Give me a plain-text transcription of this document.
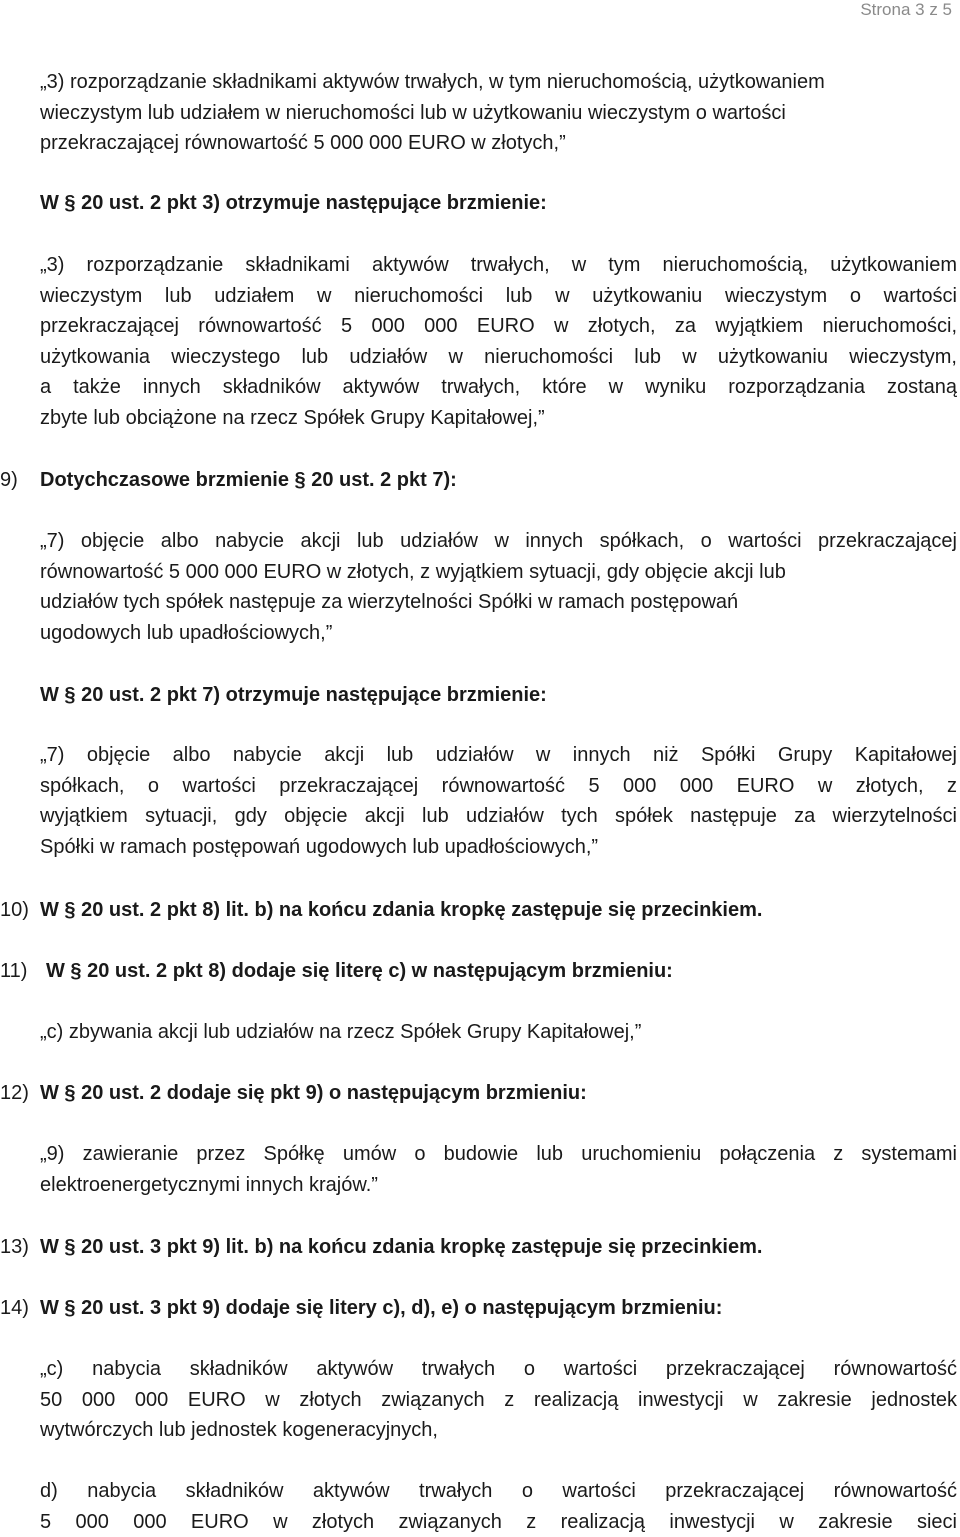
Strona 3 z 5
„3) rozporządzanie składnikami aktywów trwałych, w tym nieruchomością, użytkowaniem
wieczystym lub udziałem w nieruchomości lub w użytkowaniu wieczystym o wartości
przekraczającej równowartość 5 000 000 EURO w złotych,”
W § 20 ust. 2 pkt 3) otrzymuje następujące brzmienie:
„3) rozporządzanie składnikami aktywów trwałych, w tym nieruchomością, użytkowaniem
wieczystym lub udziałem w nieruchomości lub w użytkowaniu wieczystym o wartości
przekraczającej równowartość 5 000 000 EURO w złotych, za wyjątkiem nieruchomości,
użytkowania wieczystego lub udziałów w nieruchomości lub w użytkowaniu wieczystym,
a także innych składników aktywów trwałych, które w wyniku rozporządzania zostaną
zbyte lub obciążone na rzecz Spółek Grupy Kapitałowej,”
9) Dotychczasowe brzmienie § 20 ust. 2 pkt 7):
„7) objęcie albo nabycie akcji lub udziałów w innych spółkach, o wartości przekraczającej
równowartość 5 000 000 EURO w złotych, z wyjątkiem sytuacji, gdy objęcie akcji lub
udziałów tych spółek następuje za wierzytelności Spółki w ramach postępowań
ugodowych lub upadłościowych,”
W § 20 ust. 2 pkt 7) otrzymuje następujące brzmienie:
„7) objęcie albo nabycie akcji lub udziałów w innych niż Spółki Grupy Kapitałowej
spółkach, o wartości przekraczającej równowartość 5 000 000 EURO w złotych, z
wyjątkiem sytuacji, gdy objęcie akcji lub udziałów tych spółek następuje za wierzytelności
Spółki w ramach postępowań ugodowych lub upadłościowych,”
10) W § 20 ust. 2 pkt 8) lit. b) na końcu zdania kropkę zastępuje się przecinkiem.
11) W § 20 ust. 2 pkt 8) dodaje się literę c) w następującym brzmieniu:
„c) zbywania akcji lub udziałów na rzecz Spółek Grupy Kapitałowej,”
12) W § 20 ust. 2 dodaje się pkt 9) o następującym brzmieniu:
„9) zawieranie przez Spółkę umów o budowie lub uruchomieniu połączenia z systemami
elektroenergetycznymi innych krajów.”
13) W § 20 ust. 3 pkt 9) lit. b) na końcu zdania kropkę zastępuje się przecinkiem.
14) W § 20 ust. 3 pkt 9) dodaje się litery c), d), e) o następującym brzmieniu:
„c) nabycia składników aktywów trwałych o wartości przekraczającej równowartość
50 000 000 EURO w złotych związanych z realizacją inwestycji w zakresie jednostek
wytwórczych lub jednostek kogeneracyjnych,
d) nabycia składników aktywów trwałych o wartości przekraczającej równowartość
5 000 000 EURO w złotych związanych z realizacją inwestycji w zakresie sieci
